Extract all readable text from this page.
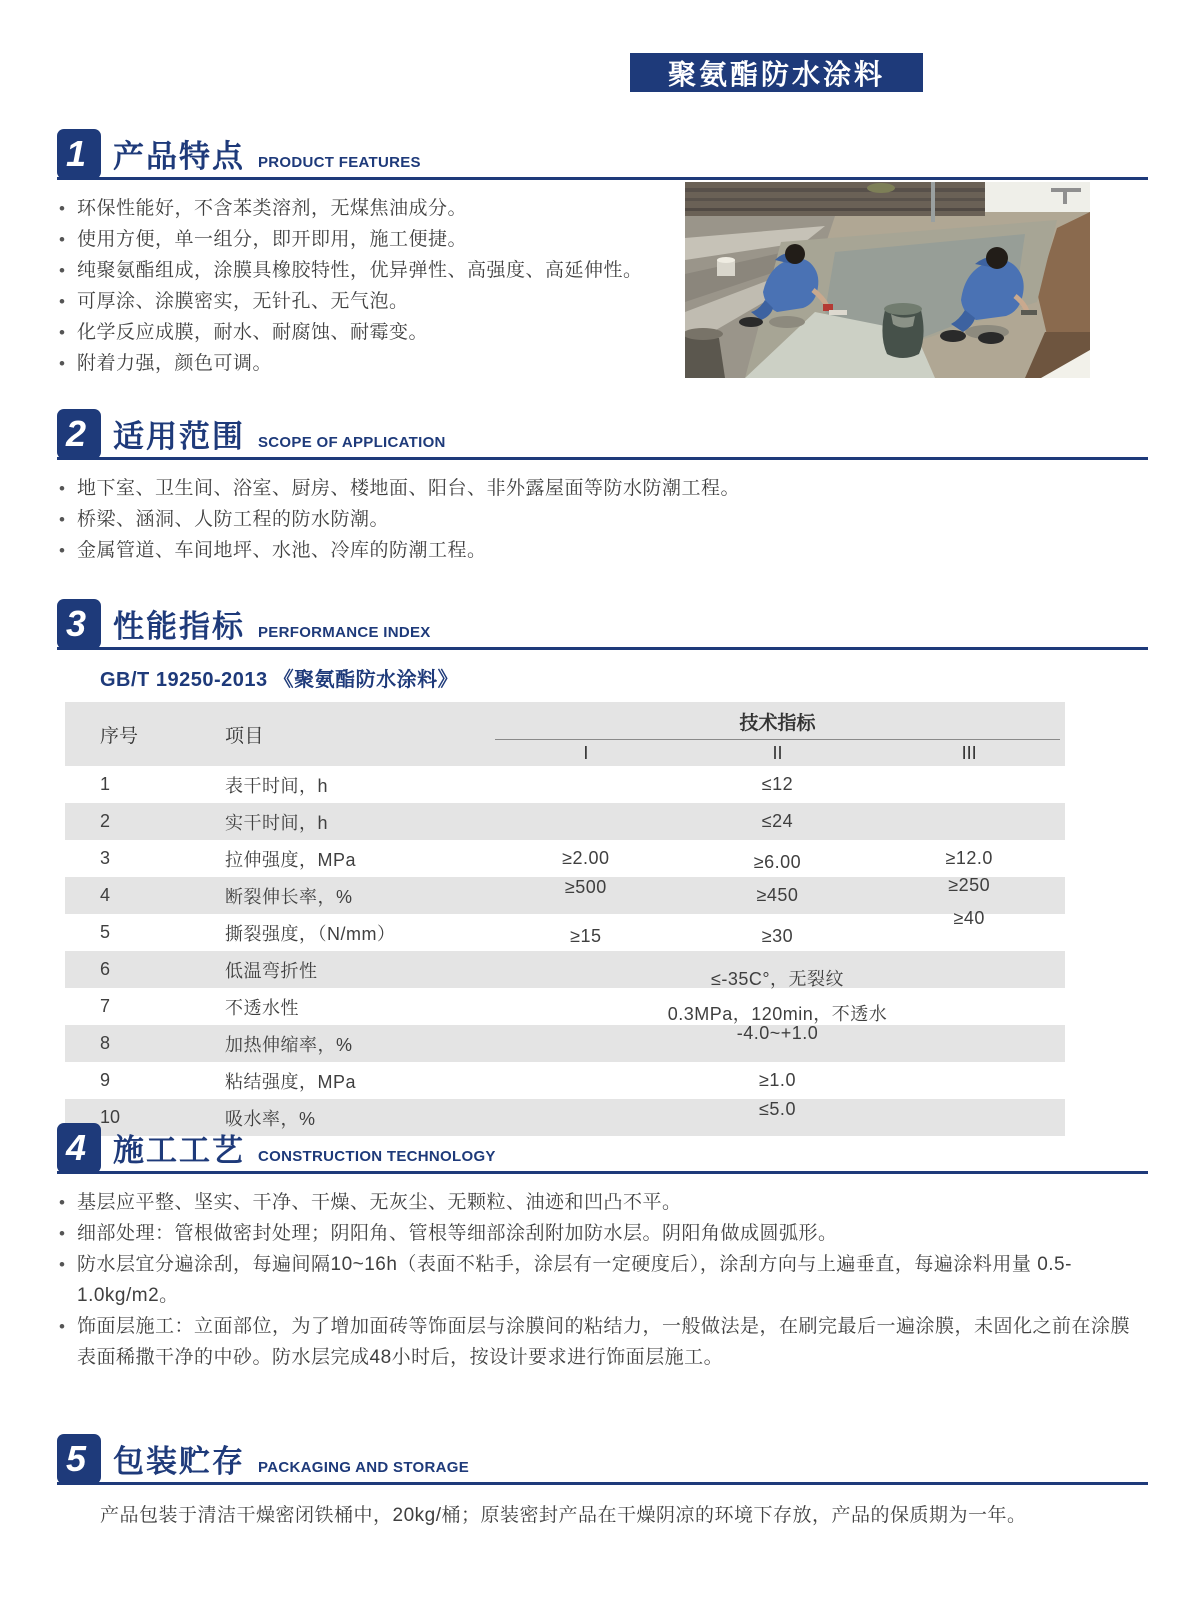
聚氨酯防水涂料
1 产品特点 PRODUCT FEATURES
• 环保性能好，不含苯类溶剂，无煤焦油成分。
• 使用方便，单一组分，即开即用，施工便捷。
• 纯聚氨酯组成，涂膜具橡胶特性，优异弹性、高强度、高延伸性。
• 可厚涂、涂膜密实，无针孔、无气泡。
• 化学反应成膜，耐水、耐腐蚀、耐霉变。
• 附着力强，颜色可调。
2 适用范围 SCOPE OF APPLICATION
• 地下室、卫生间、浴室、厨房、楼地面、阳台、非外露屋面等防水防潮工程。
• 桥梁、涵洞、人防工程的防水防潮。
• 金属管道、车间地坪、水池、冷库的防潮工程。
3 性能指标 PERFORMANCE INDEX
GB/T 19250-2013 《聚氨酯防水涂料》
序号	项目	技术指标		

		I	II	III
1	表干时间，h	≤12		
2	实干时间，h	≤24		
3	拉伸强度，MPa	≥2.00	≥6.00	≥12.0
4	断裂伸长率，%	≥500	≥450	≥250
5	撕裂强度，（N/mm）	≥15	≥30	≥40
6	低温弯折性	≤-35C°，无裂纹		
7	不透水性	0.3MPa，120min，不透水		
8	加热伸缩率，%	-4.0~+1.0		
9	粘结强度，MPa	≥1.0		
10	吸水率，%	≤5.0		
4 施工工艺 CONSTRUCTION TECHNOLOGY
• 基层应平整、坚实、干净、干燥、无灰尘、无颗粒、油迹和凹凸不平。
• 细部处理：管根做密封处理；阴阳角、管根等细部涂刮附加防水层。阴阳角做成圆弧形。
• 防水层宜分遍涂刮，每遍间隔10~16h（表面不粘手，涂层有一定硬度后），涂刮方向与上遍垂直，每遍涂料用量 0.5-1.0kg/m2。
• 饰面层施工：立面部位，为了增加面砖等饰面层与涂膜间的粘结力，一般做法是，在刷完最后一遍涂膜，未固化之前在涂膜表面稀撒干净的中砂。防水层完成48小时后，按设计要求进行饰面层施工。
5 包装贮存 PACKAGING AND STORAGE

产品包装于清洁干燥密闭铁桶中，20kg/桶；原装密封产品在干燥阴凉的环境下存放，产品的保质期为一年。
